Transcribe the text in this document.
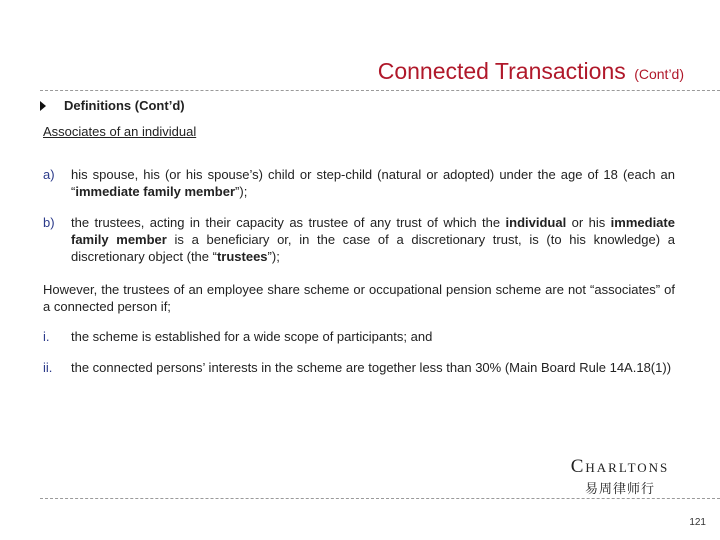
Connected Transactions (Cont’d)
Definitions (Cont’d)
Associates of an individual
a) his spouse, his (or his spouse’s) child or step-child (natural or adopted) under the age of 18 (each an “immediate family member”);
b) the trustees, acting in their capacity as trustee of any trust of which the individual or his immediate family member is a beneficiary or, in the case of a discretionary trust, is (to his knowledge) a discretionary object (the “trustees”);
However, the trustees of an employee share scheme or occupational pension scheme are not “associates” of a connected person if;
i. the scheme is established for a wide scope of participants; and
ii. the connected persons’ interests in the scheme are together less than 30% (Main Board Rule 14A.18(1))
Charltons
易周律师行
121
